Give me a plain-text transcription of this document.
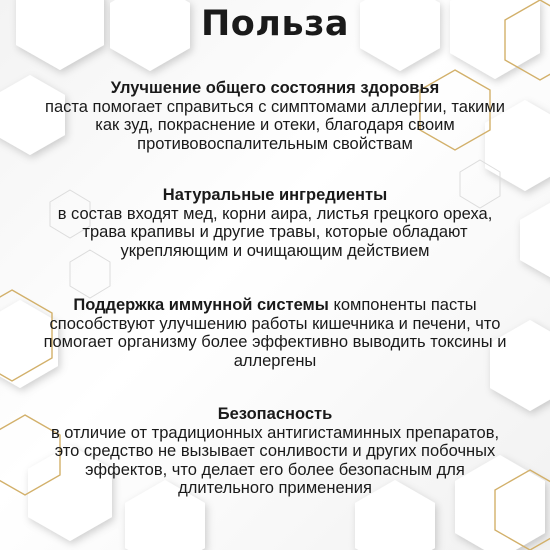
Польза
Улучшение общего состояния здоровья
паста помогает справиться с симптомами аллергии, такими как зуд, покраснение и отеки, благодаря своим противовоспалительным свойствам
Натуральные ингредиенты
в состав входят мед, корни аира, листья грецкого ореха, трава крапивы и другие травы, которые обладают укрепляющим и очищающим действием
Поддержка иммунной системы компоненты пасты способствуют улучшению работы кишечника и печени, что помогает организму более эффективно выводить токсины и аллергены
Безопасность
в отличие от традиционных антигистаминных препаратов, это средство не вызывает сонливости и других побочных эффектов, что делает его более безопасным для длительного применения
